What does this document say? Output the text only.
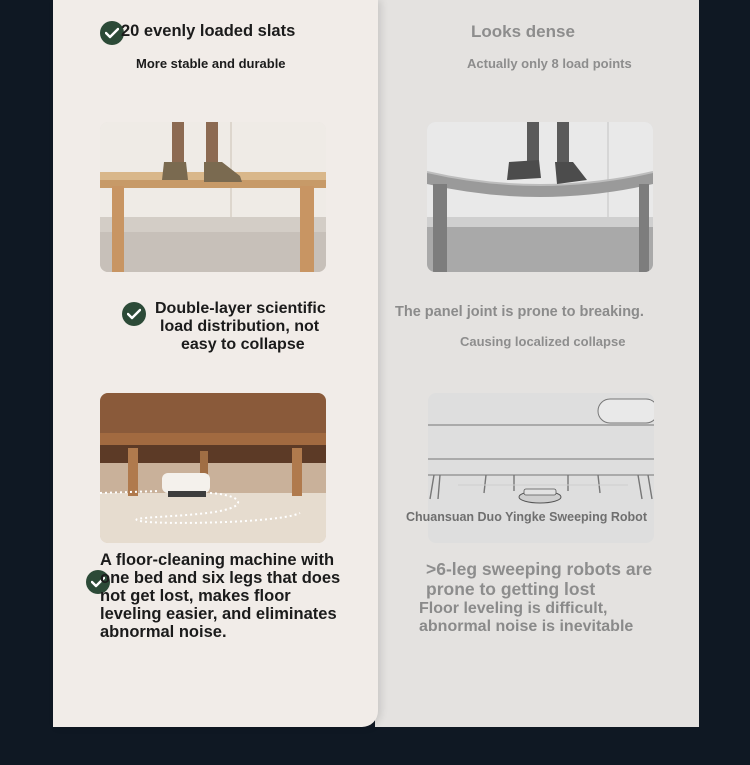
20 evenly loaded slats
More stable and durable
Looks dense
Actually only 8 load points
Double-layer scientific
load distribution, not
easy to collapse
The panel joint is prone to breaking.
Causing localized collapse
Chuansuan Duo Yingke Sweeping Robot
A floor-cleaning machine with
one bed and six legs that does
not get lost, makes floor
leveling easier, and eliminates
abnormal noise.
>6-leg sweeping robots are
prone to getting lost
Floor leveling is difficult,
abnormal noise is inevitable
